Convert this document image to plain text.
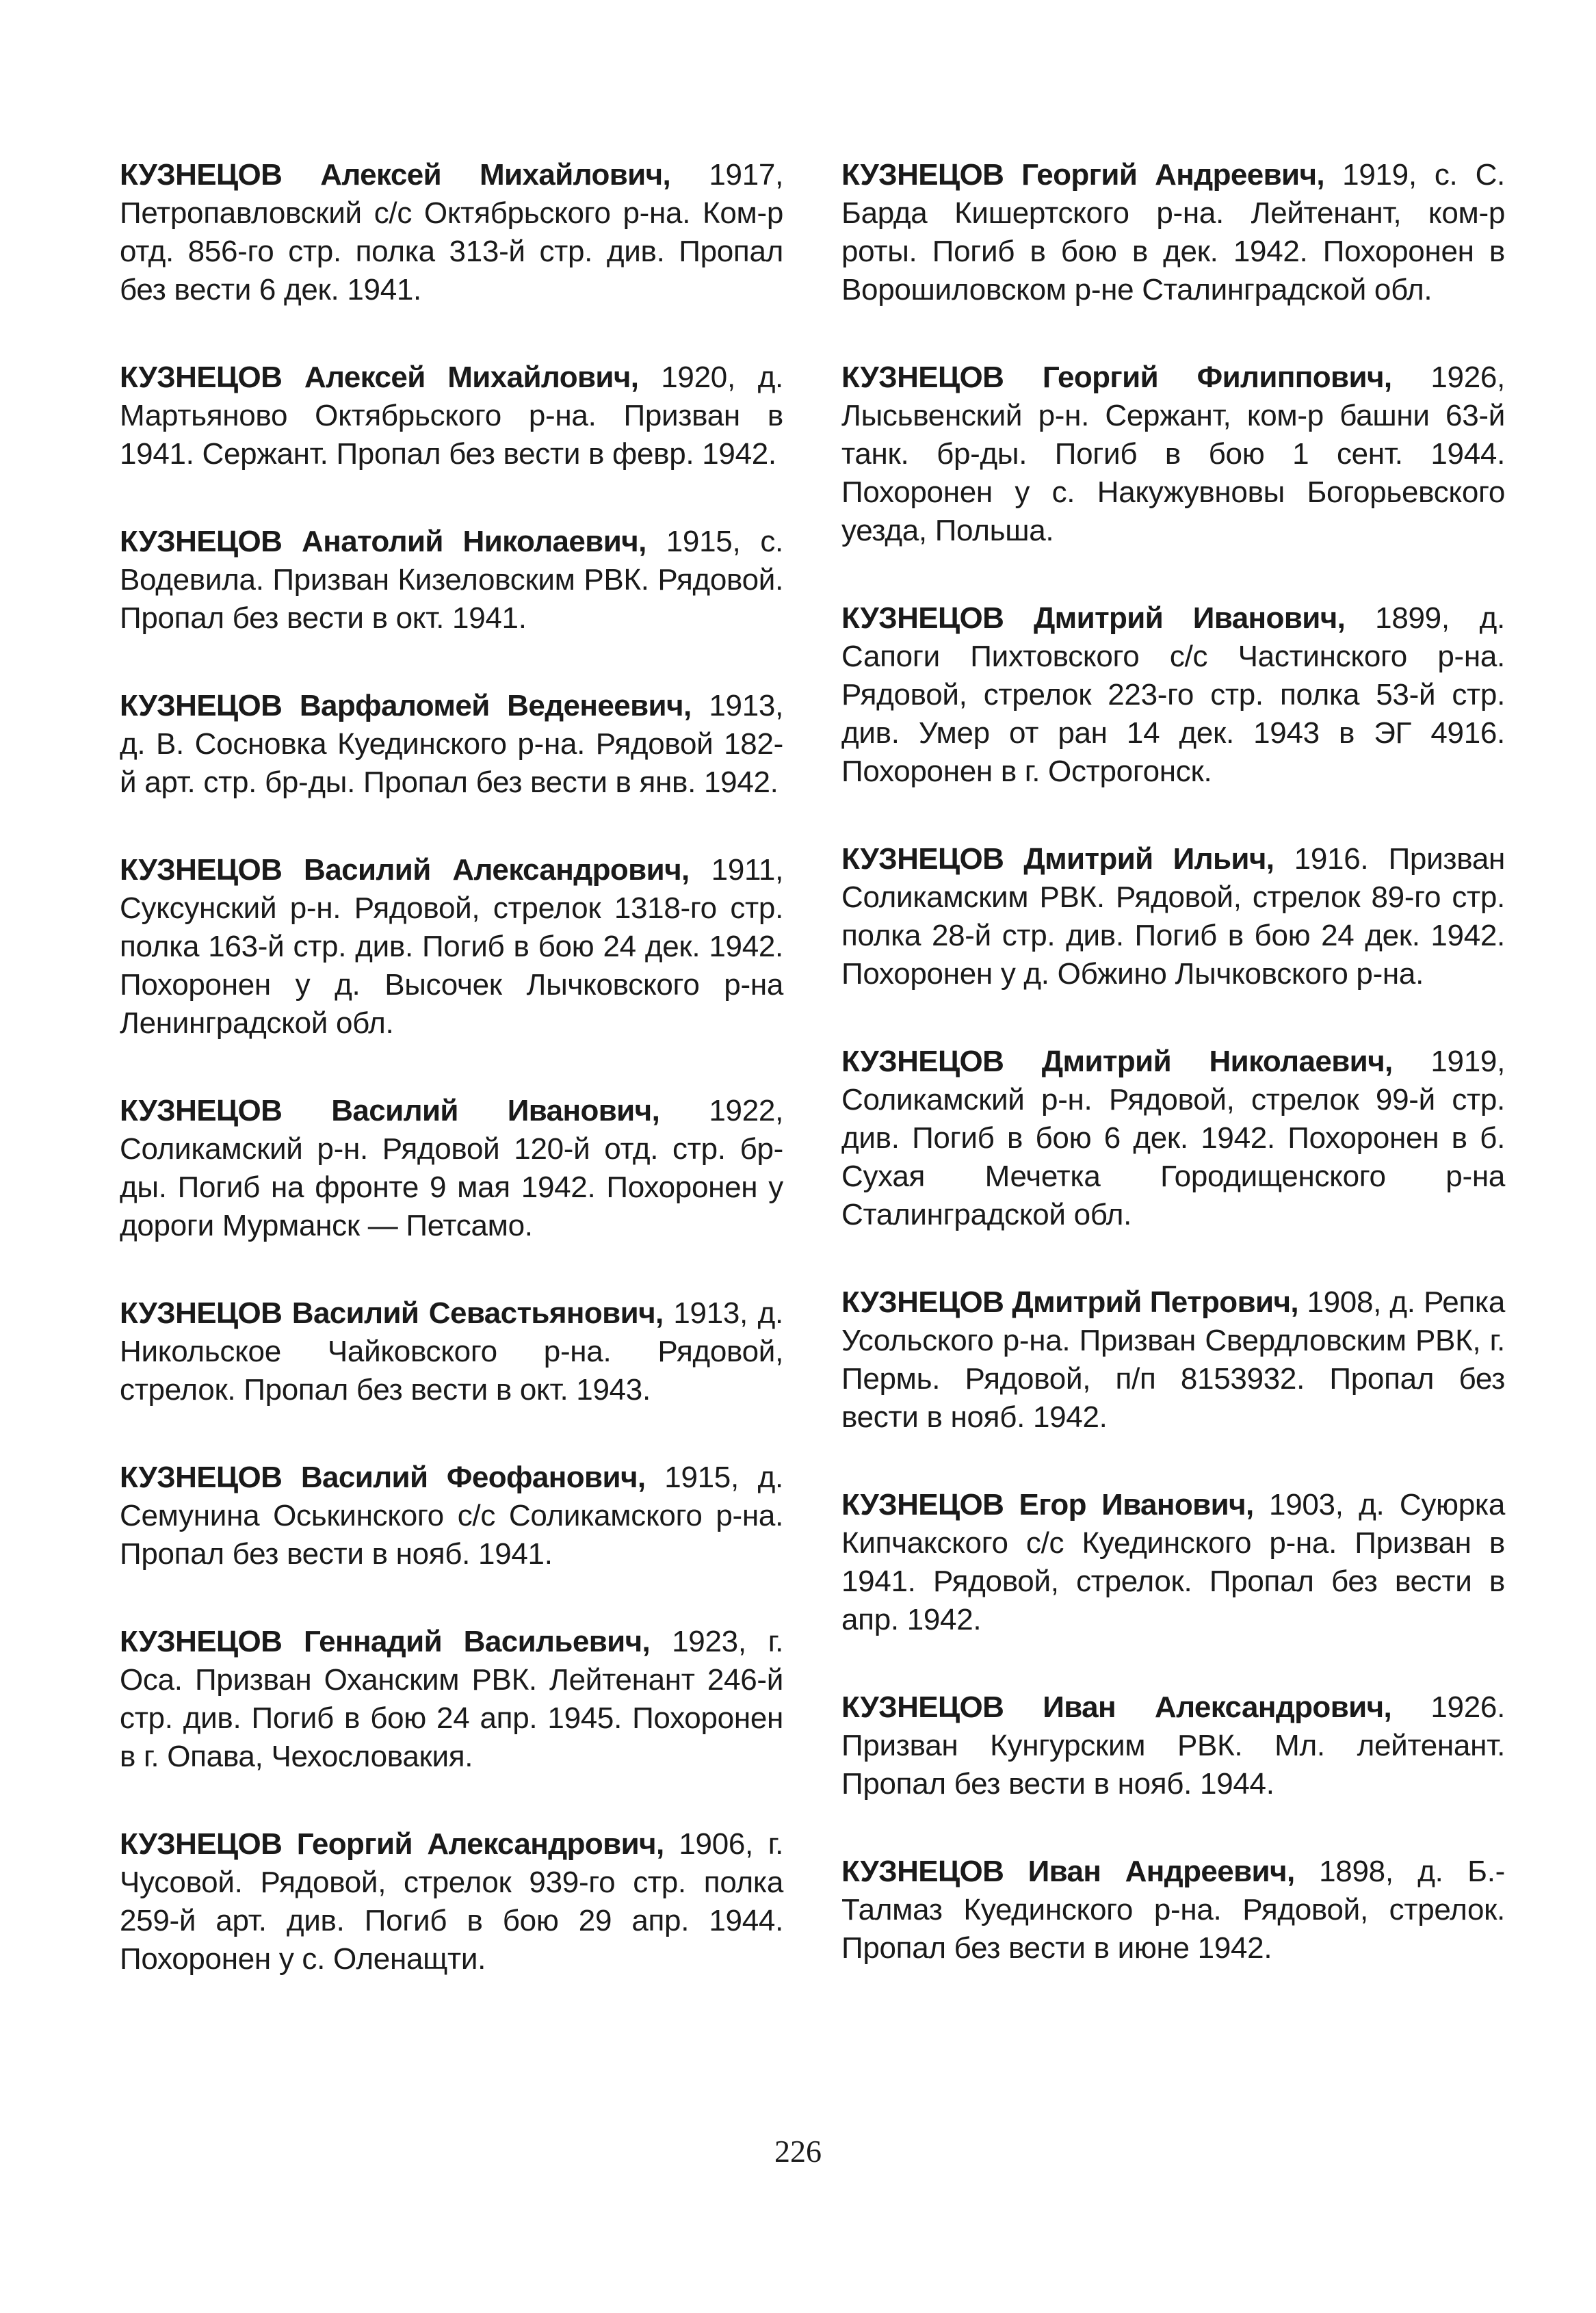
КУЗНЕЦОВ Алексей Михайлович, 1917, Петропавловский с/с Октябрьского р-на. Ком-р отд. 856-го стр. полка 313-й стр. див. Пропал без вести 6 дек. 1941.

КУЗНЕЦОВ Алексей Михайлович, 1920, д. Мартьяново Октябрьского р-на. Призван в 1941. Сержант. Пропал без вести в февр. 1942.

КУЗНЕЦОВ Анатолий Николаевич, 1915, с. Водевила. Призван Кизеловским РВК. Рядовой. Пропал без вести в окт. 1941.

КУЗНЕЦОВ Варфаломей Веденеевич, 1913, д. В. Сосновка Куединского р-на. Рядовой 182-й арт. стр. бр-ды. Пропал без вести в янв. 1942.

КУЗНЕЦОВ Василий Александрович, 1911, Суксунский р-н. Рядовой, стрелок 1318-го стр. полка 163-й стр. див. Погиб в бою 24 дек. 1942. Похоронен у д. Высочек Лычковского р-на Ленинградской обл.

КУЗНЕЦОВ Василий Иванович, 1922, Соликамский р-н. Рядовой 120-й отд. стр. бр-ды. Погиб на фронте 9 мая 1942. Похоронен у дороги Мурманск — Петсамо.

КУЗНЕЦОВ Василий Севастьянович, 1913, д. Никольское Чайковского р-на. Рядовой, стрелок. Пропал без вести в окт. 1943.

КУЗНЕЦОВ Василий Феофанович, 1915, д. Семунина Оськинского с/с Соликамского р-на. Пропал без вести в нояб. 1941.

КУЗНЕЦОВ Геннадий Васильевич, 1923, г. Оса. Призван Оханским РВК. Лейтенант 246-й стр. див. Погиб в бою 24 апр. 1945. Похоронен в г. Опава, Чехословакия.

КУЗНЕЦОВ Георгий Александрович, 1906, г. Чусовой. Рядовой, стрелок 939-го стр. полка 259-й арт. див. Погиб в бою 29 апр. 1944. Похоронен у с. Оленащти.

КУЗНЕЦОВ Георгий Андреевич, 1919, с. С. Барда Кишертского р-на. Лейтенант, ком-р роты. Погиб в бою в дек. 1942. Похоронен в Ворошиловском р-не Сталинградской обл.

КУЗНЕЦОВ Георгий Филиппович, 1926, Лысьвенский р-н. Сержант, ком-р башни 63-й танк. бр-ды. Погиб в бою 1 сент. 1944. Похоронен у с. Накужувновы Богорьевского уезда, Польша.

КУЗНЕЦОВ Дмитрий Иванович, 1899, д. Сапоги Пихтовского с/с Частинского р-на. Рядовой, стрелок 223-го стр. полка 53-й стр. див. Умер от ран 14 дек. 1943 в ЭГ 4916. Похоронен в г. Острогонск.

КУЗНЕЦОВ Дмитрий Ильич, 1916. Призван Соликамским РВК. Рядовой, стрелок 89-го стр. полка 28-й стр. див. Погиб в бою 24 дек. 1942. Похоронен у д. Обжино Лычковского р-на.

КУЗНЕЦОВ Дмитрий Николаевич, 1919, Соликамский р-н. Рядовой, стрелок 99-й стр. див. Погиб в бою 6 дек. 1942. Похоронен в б. Сухая Мечетка Городищенского р-на Сталинградской обл.

КУЗНЕЦОВ Дмитрий Петрович, 1908, д. Репка Усольского р-на. Призван Свердловским РВК, г. Пермь. Рядовой, п/п 8153932. Пропал без вести в нояб. 1942.

КУЗНЕЦОВ Егор Иванович, 1903, д. Суюрка Кипчакского с/с Куединского р-на. Призван в 1941. Рядовой, стрелок. Пропал без вести в апр. 1942.

КУЗНЕЦОВ Иван Александрович, 1926. Призван Кунгурским РВК. Мл. лейтенант. Пропал без вести в нояб. 1944.

КУЗНЕЦОВ Иван Андреевич, 1898, д. Б.-Талмаз Куединского р-на. Рядовой, стрелок. Пропал без вести в июне 1942.

226
